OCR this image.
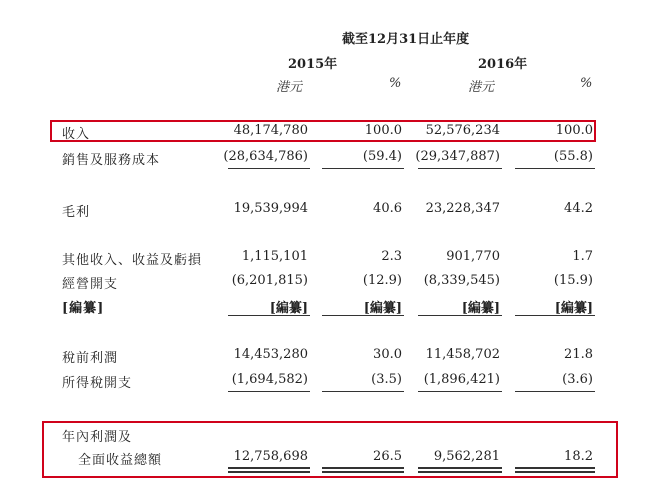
截至12月31日止年度
2015年	2016年
港元	%	港元	%
收入	48,174,780	100.0 52,576,234	100.0
銷售及服務成本	(28,634,786)	(59.4) (29,347,887)	(55.8)
毛利	19,539,994	40.6 23,228,347	44.2
其他收入、收益及虧損	1,115,101	2.3	901,770	1.7
經營開支	(6,201,815)	(12.9) (8,339,545)	(15.9)
[編纂]	[編纂]	[編纂]	[編纂]	[編纂]
稅前利潤	14,453,280	30.0 11,458,702	21.8
所得稅開支	(1,694,582)	(3.5) (1,896,421)	(3.6)
年內利潤及
全面收益總額	12,758,698	26.5 9,562,281	18.2
